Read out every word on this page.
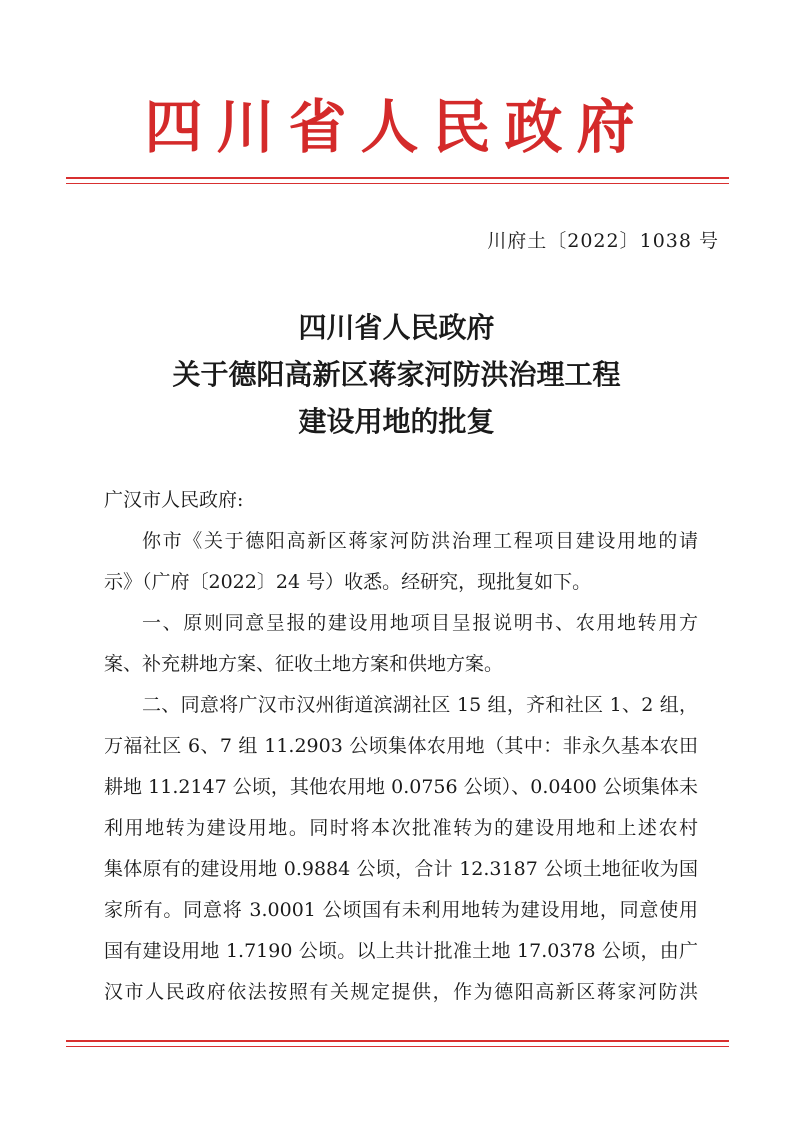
四川省人民政府
川府土〔2022〕1038 号
四川省人民政府
关于德阳高新区蒋家河防洪治理工程
建设用地的批复
广汉市人民政府:
你市《关于德阳高新区蒋家河防洪治理工程项目建设用地的请
示》（广府〔2022〕24 号）收悉。经研究，现批复如下。
一、原则同意呈报的建设用地项目呈报说明书、农用地转用方
案、补充耕地方案、征收土地方案和供地方案。
二、同意将广汉市汉州街道滨湖社区 15 组，齐和社区 1、2 组，
万福社区 6、7 组 11.2903 公顷集体农用地（其中：非永久基本农田
耕地 11.2147 公顷，其他农用地 0.0756 公顷）、0.0400 公顷集体未
利用地转为建设用地。同时将本次批准转为的建设用地和上述农村
集体原有的建设用地 0.9884 公顷，合计 12.3187 公顷土地征收为国
家所有。同意将 3.0001 公顷国有未利用地转为建设用地，同意使用
国有建设用地 1.7190 公顷。以上共计批准土地 17.0378 公顷，由广
汉市人民政府依法按照有关规定提供，作为德阳高新区蒋家河防洪
